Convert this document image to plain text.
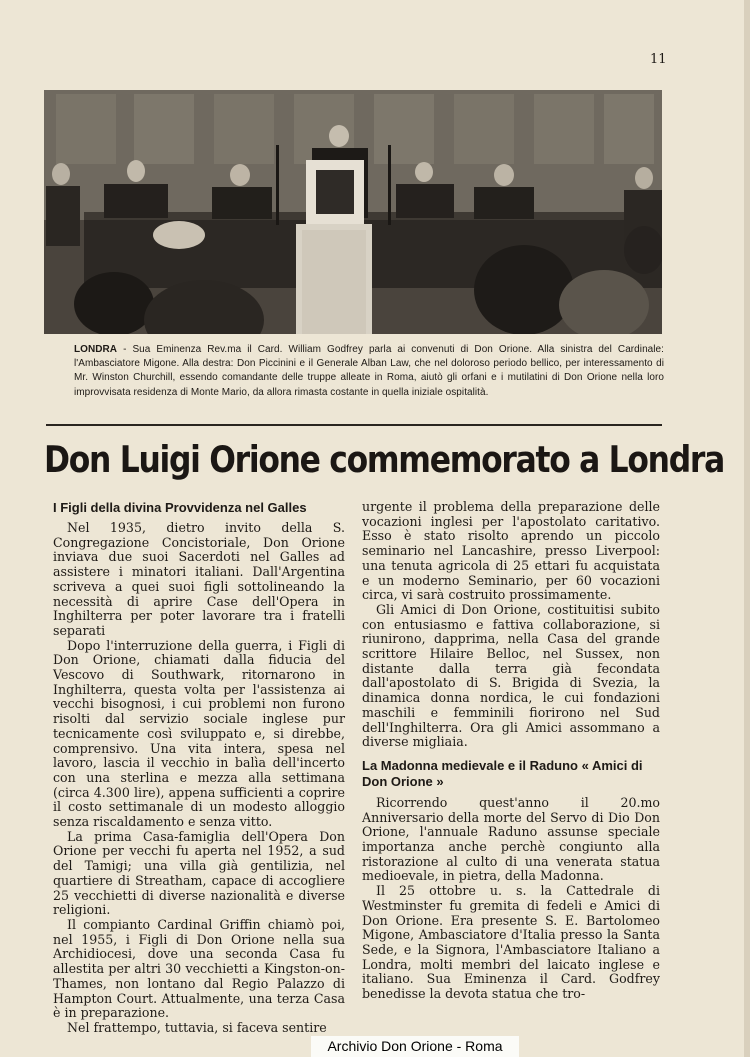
11
LONDRA - Sua Eminenza Rev.ma il Card. William Godfrey parla ai convenuti di Don Orione. Alla sinistra del Cardinale: l'Ambasciatore Migone. Alla destra: Don Piccinini e il Generale Alban Law, che nel doloroso periodo bellico, per interessamento di Mr. Winston Churchill, essendo comandante delle truppe alleate in Roma, aiutò gli orfani e i mutilatini di Don Orione nella loro improvvisata residenza di Monte Mario, da allora rimasta costante in quella iniziale ospitalità.
Don Luigi Orione commemorato a Londra
I Figli della divina Provvidenza nel Galles

Nel 1935, dietro invito della S. Congregazione Concistoriale, Don Orione inviava due suoi Sacerdoti nel Galles ad assistere i minatori italiani. Dall'Argentina scriveva a quei suoi figli sottolineando la necessità di aprire Case dell'Opera in Inghilterra per poter lavorare tra i fratelli separati

Dopo l'interruzione della guerra, i Figli di Don Orione, chiamati dalla fiducia del Vescovo di Southwark, ritornarono in Inghilterra, questa volta per l'assistenza ai vecchi bisognosi, i cui problemi non furono risolti dal servizio sociale inglese pur tecnicamente così sviluppato e, si direbbe, comprensivo. Una vita intera, spesa nel lavoro, lascia il vecchio in balìa dell'incerto con una sterlina e mezza alla settimana (circa 4.300 lire), appena sufficienti a coprire il costo settimanale di un modesto alloggio senza riscaldamento e senza vitto.

La prima Casa-famiglia dell'Opera Don Orione per vecchi fu aperta nel 1952, a sud del Tamigi; una villa già gentilizia, nel quartiere di Streatham, capace di accogliere 25 vecchietti di diverse nazionalità e diverse religioni.

Il compianto Cardinal Griffin chiamò poi, nel 1955, i Figli di Don Orione nella sua Archidiocesi, dove una seconda Casa fu allestita per altri 30 vecchietti a Kingston-on-Thames, non lontano dal Regio Palazzo di Hampton Court. Attualmente, una terza Casa è in preparazione.

Nel frattempo, tuttavia, si faceva sentire

urgente il problema della preparazione delle vocazioni inglesi per l'apostolato caritativo. Esso è stato risolto aprendo un piccolo seminario nel Lancashire, presso Liverpool: una tenuta agricola di 25 ettari fu acquistata e un moderno Seminario, per 60 vocazioni circa, vi sarà costruito prossimamente.

Gli Amici di Don Orione, costituitisi subito con entusiasmo e fattiva collaborazione, si riunirono, dapprima, nella Casa del grande scrittore Hilaire Belloc, nel Sussex, non distante dalla terra già fecondata dall'apostolato di S. Brigida di Svezia, la dinamica donna nordica, le cui fondazioni maschili e femminili fiorirono nel Sud dell'Inghilterra. Ora gli Amici assommano a diverse migliaia.

La Madonna medievale e il Raduno « Amici di Don Orione »

Ricorrendo quest'anno il 20.mo Anniversario della morte del Servo di Dio Don Orione, l'annuale Raduno assunse speciale importanza anche perchè congiunto alla ristorazione al culto di una venerata statua medioevale, in pietra, della Madonna.

Il 25 ottobre u. s. la Cattedrale di Westminster fu gremita di fedeli e Amici di Don Orione. Era presente S. E. Bartolomeo Migone, Ambasciatore d'Italia presso la Santa Sede, e la Signora, l'Ambasciatore Italiano a Londra, molti membri del laicato inglese e italiano. Sua Eminenza il Card. Godfrey benedisse la devota statua che tro-

Archivio Don Orione - Roma
